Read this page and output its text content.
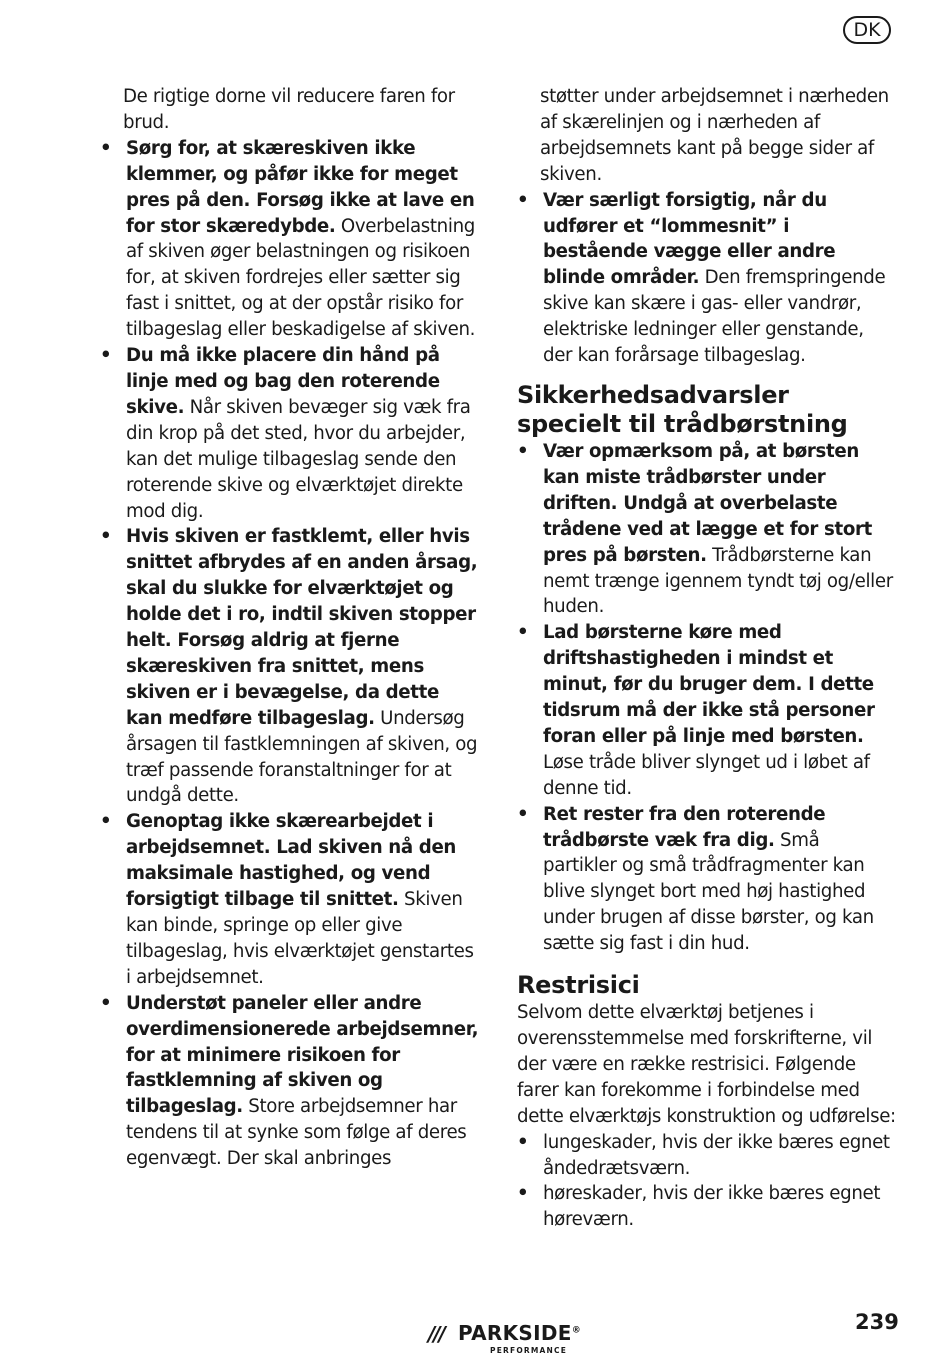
DK

De rigtige dorne vil reducere faren for brud.

• Sørg for, at skæreskiven ikke klemmer, og påfør ikke for meget pres på den. Forsøg ikke at lave en for stor skæredybde. Overbelastning af skiven øger belastningen og risikoen for, at skiven fordrejes eller sætter sig fast i snittet, og at der opstår risiko for tilbageslag eller beskadigelse af skiven.

• Du må ikke placere din hånd på linje med og bag den roterende skive. Når skiven bevæger sig væk fra din krop på det sted, hvor du arbejder, kan det mulige tilbageslag sende den roterende skive og elværktøjet direkte mod dig.

• Hvis skiven er fastklemt, eller hvis snittet afbrydes af en anden årsag, skal du slukke for elværktøjet og holde det i ro, indtil skiven stopper helt. Forsøg aldrig at fjerne skæreskiven fra snittet, mens skiven er i bevægelse, da dette kan medføre tilbageslag. Undersøg årsagen til fastklemningen af skiven, og træf passende foranstaltninger for at undgå dette.

• Genoptag ikke skærearbejdet i arbejdsemnet. Lad skiven nå den maksimale hastighed, og vend forsigtigt tilbage til snittet. Skiven kan binde, springe op eller give tilbageslag, hvis elværktøjet genstartes i arbejdsemnet.

• Understøt paneler eller andre overdimensionerede arbejdsemner, for at minimere risikoen for fastklemning af skiven og tilbageslag. Store arbejdsemner har tendens til at synke som følge af deres egenvægt. Der skal anbringes

støtter under arbejdsemnet i nærheden af skærelinjen og i nærheden af arbejdsemnets kant på begge sider af skiven.

• Vær særligt forsigtig, når du udfører et “lommesnit” i bestående vægge eller andre blinde områder. Den fremspringende skive kan skære i gas- eller vandrør, elektriske ledninger eller genstande, der kan forårsage tilbageslag.

Sikkerhedsadvarsler specielt til trådbørstning

• Vær opmærksom på, at børsten kan miste trådbørster under driften. Undgå at overbelaste trådene ved at lægge et for stort pres på børsten. Trådbørsterne kan nemt trænge igennem tyndt tøj og/eller huden.

• Lad børsterne køre med driftshastigheden i mindst et minut, før du bruger dem. I dette tidsrum må der ikke stå personer foran eller på linje med børsten. Løse tråde bliver slynget ud i løbet af denne tid.

• Ret rester fra den roterende trådbørste væk fra dig. Små partikler og små trådfragmenter kan blive slynget bort med høj hastighed under brugen af disse børster, og kan sætte sig fast i din hud.

Restrisici

Selvom dette elværktøj betjenes i overensstemmelse med forskrifterne, vil der være en række restrisici. Følgende farer kan forekomme i forbindelse med dette elværktøjs konstruktion og udførelse:

• lungeskader, hvis der ikke bæres egnet åndedrætsværn.

• høreskader, hvis der ikke bæres egnet høreværn.

/// PARKSIDE®
PERFORMANCE
239
